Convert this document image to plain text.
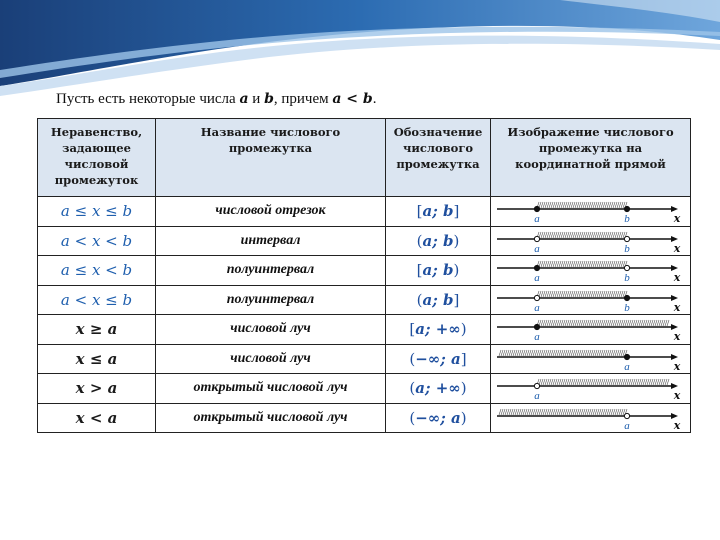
Пусть есть некоторые числа a и b, причем a < b.
Неравенство, задающее числовой промежуток	Название числового промежутка	Обозначение числового промежутка	Изображение числового промежутка на координатной прямой
a ≤ x ≤ b	числовой отрезок	[a; b]	a b x

a < x < b	интервал	(a; b)	a b x

a ≤ x < b	полуинтервал	[a; b)	a b x

a < x ≤ b	полуинтервал	(a; b]	a b x

x ≥ a	числовой луч	[a; +∞)	a x

x ≤ a	числовой луч	(−∞; a]	a x

x > a	открытый числовой луч	(a; +∞)	a x

x < a	открытый числовой луч	(−∞; a)	a x
